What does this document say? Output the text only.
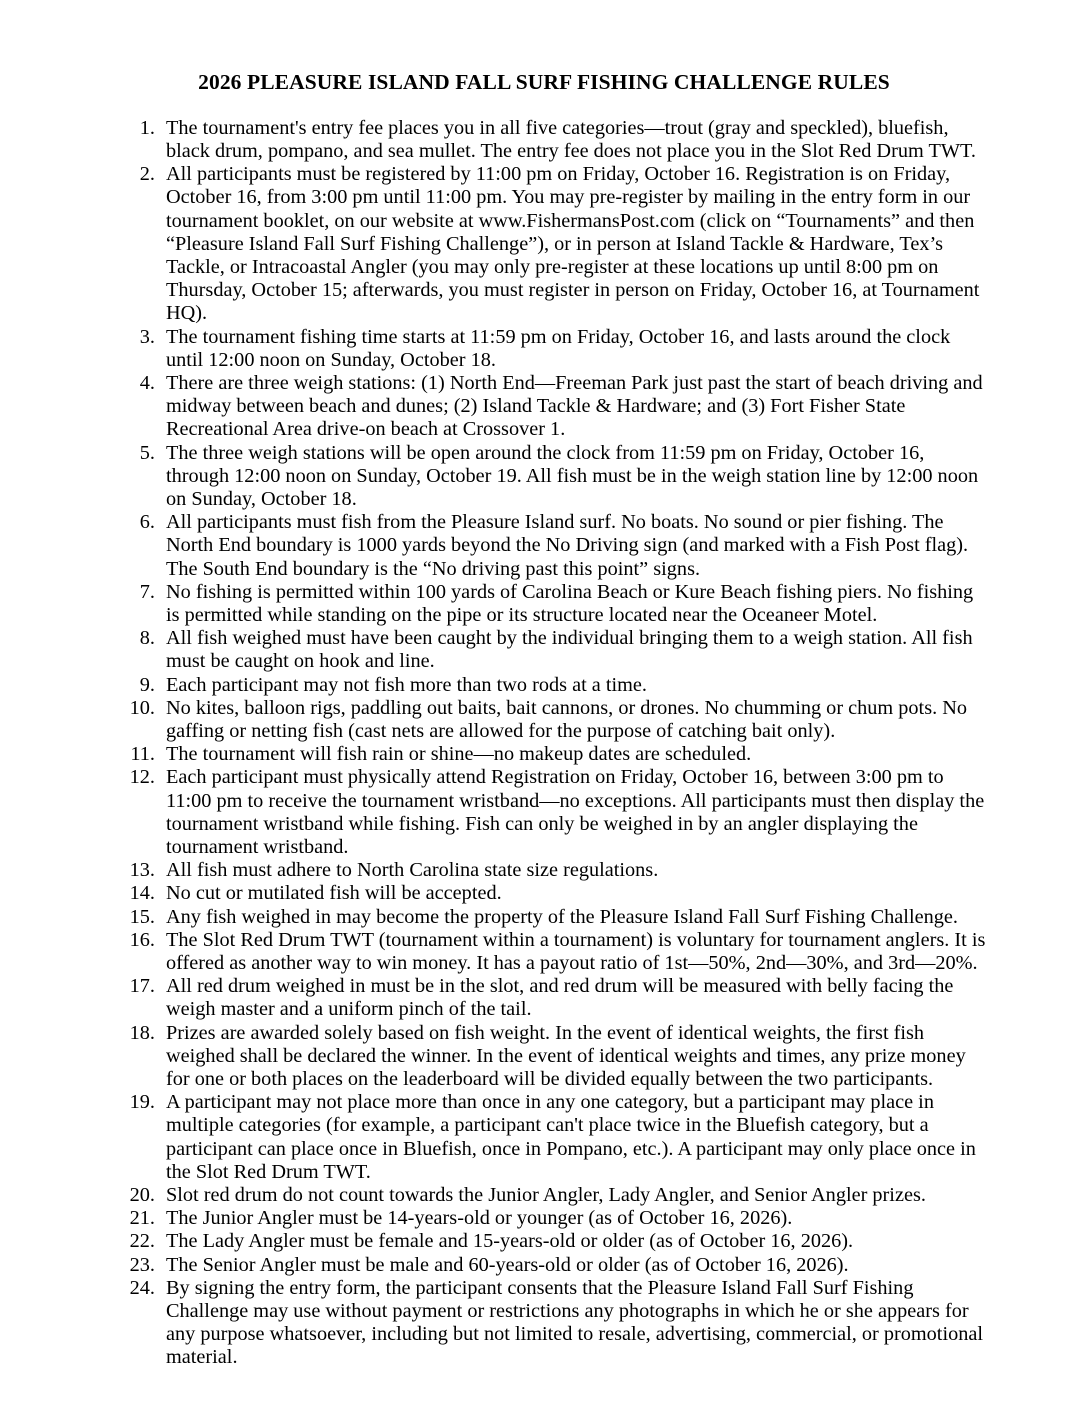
2026 PLEASURE ISLAND FALL SURF FISHING CHALLENGE RULES
1. The tournament's entry fee places you in all five categories—trout (gray and speckled), bluefish, black drum, pompano, and sea mullet. The entry fee does not place you in the Slot Red Drum TWT.
2. All participants must be registered by 11:00 pm on Friday, October 16. Registration is on Friday, October 16, from 3:00 pm until 11:00 pm. You may pre-register by mailing in the entry form in our tournament booklet, on our website at www.FishermansPost.com (click on “Tournaments” and then “Pleasure Island Fall Surf Fishing Challenge”), or in person at Island Tackle & Hardware, Tex’s Tackle, or Intracoastal Angler (you may only pre-register at these locations up until 8:00 pm on Thursday, October 15; afterwards, you must register in person on Friday, October 16, at Tournament HQ).
3. The tournament fishing time starts at 11:59 pm on Friday, October 16, and lasts around the clock until 12:00 noon on Sunday, October 18.
4. There are three weigh stations: (1) North End—Freeman Park just past the start of beach driving and midway between beach and dunes; (2) Island Tackle & Hardware; and (3) Fort Fisher State Recreational Area drive-on beach at Crossover 1.
5. The three weigh stations will be open around the clock from 11:59 pm on Friday, October 16, through 12:00 noon on Sunday, October 19. All fish must be in the weigh station line by 12:00 noon on Sunday, October 18.
6. All participants must fish from the Pleasure Island surf. No boats. No sound or pier fishing. The North End boundary is 1000 yards beyond the No Driving sign (and marked with a Fish Post flag). The South End boundary is the “No driving past this point” signs.
7. No fishing is permitted within 100 yards of Carolina Beach or Kure Beach fishing piers. No fishing is permitted while standing on the pipe or its structure located near the Oceaneer Motel.
8. All fish weighed must have been caught by the individual bringing them to a weigh station. All fish must be caught on hook and line.
9. Each participant may not fish more than two rods at a time.
10. No kites, balloon rigs, paddling out baits, bait cannons, or drones. No chumming or chum pots. No gaffing or netting fish (cast nets are allowed for the purpose of catching bait only).
11. The tournament will fish rain or shine—no makeup dates are scheduled.
12. Each participant must physically attend Registration on Friday, October 16, between 3:00 pm to 11:00 pm to receive the tournament wristband—no exceptions. All participants must then display the tournament wristband while fishing. Fish can only be weighed in by an angler displaying the tournament wristband.
13. All fish must adhere to North Carolina state size regulations.
14. No cut or mutilated fish will be accepted.
15. Any fish weighed in may become the property of the Pleasure Island Fall Surf Fishing Challenge.
16. The Slot Red Drum TWT (tournament within a tournament) is voluntary for tournament anglers. It is offered as another way to win money. It has a payout ratio of 1st—50%, 2nd—30%, and 3rd—20%.
17. All red drum weighed in must be in the slot, and red drum will be measured with belly facing the weigh master and a uniform pinch of the tail.
18. Prizes are awarded solely based on fish weight. In the event of identical weights, the first fish weighed shall be declared the winner. In the event of identical weights and times, any prize money for one or both places on the leaderboard will be divided equally between the two participants.
19. A participant may not place more than once in any one category, but a participant may place in multiple categories (for example, a participant can't place twice in the Bluefish category, but a participant can place once in Bluefish, once in Pompano, etc.). A participant may only place once in the Slot Red Drum TWT.
20. Slot red drum do not count towards the Junior Angler, Lady Angler, and Senior Angler prizes.
21. The Junior Angler must be 14-years-old or younger (as of October 16, 2026).
22. The Lady Angler must be female and 15-years-old or older (as of October 16, 2026).
23. The Senior Angler must be male and 60-years-old or older (as of October 16, 2026).
24. By signing the entry form, the participant consents that the Pleasure Island Fall Surf Fishing Challenge may use without payment or restrictions any photographs in which he or she appears for any purpose whatsoever, including but not limited to resale, advertising, commercial, or promotional material.
